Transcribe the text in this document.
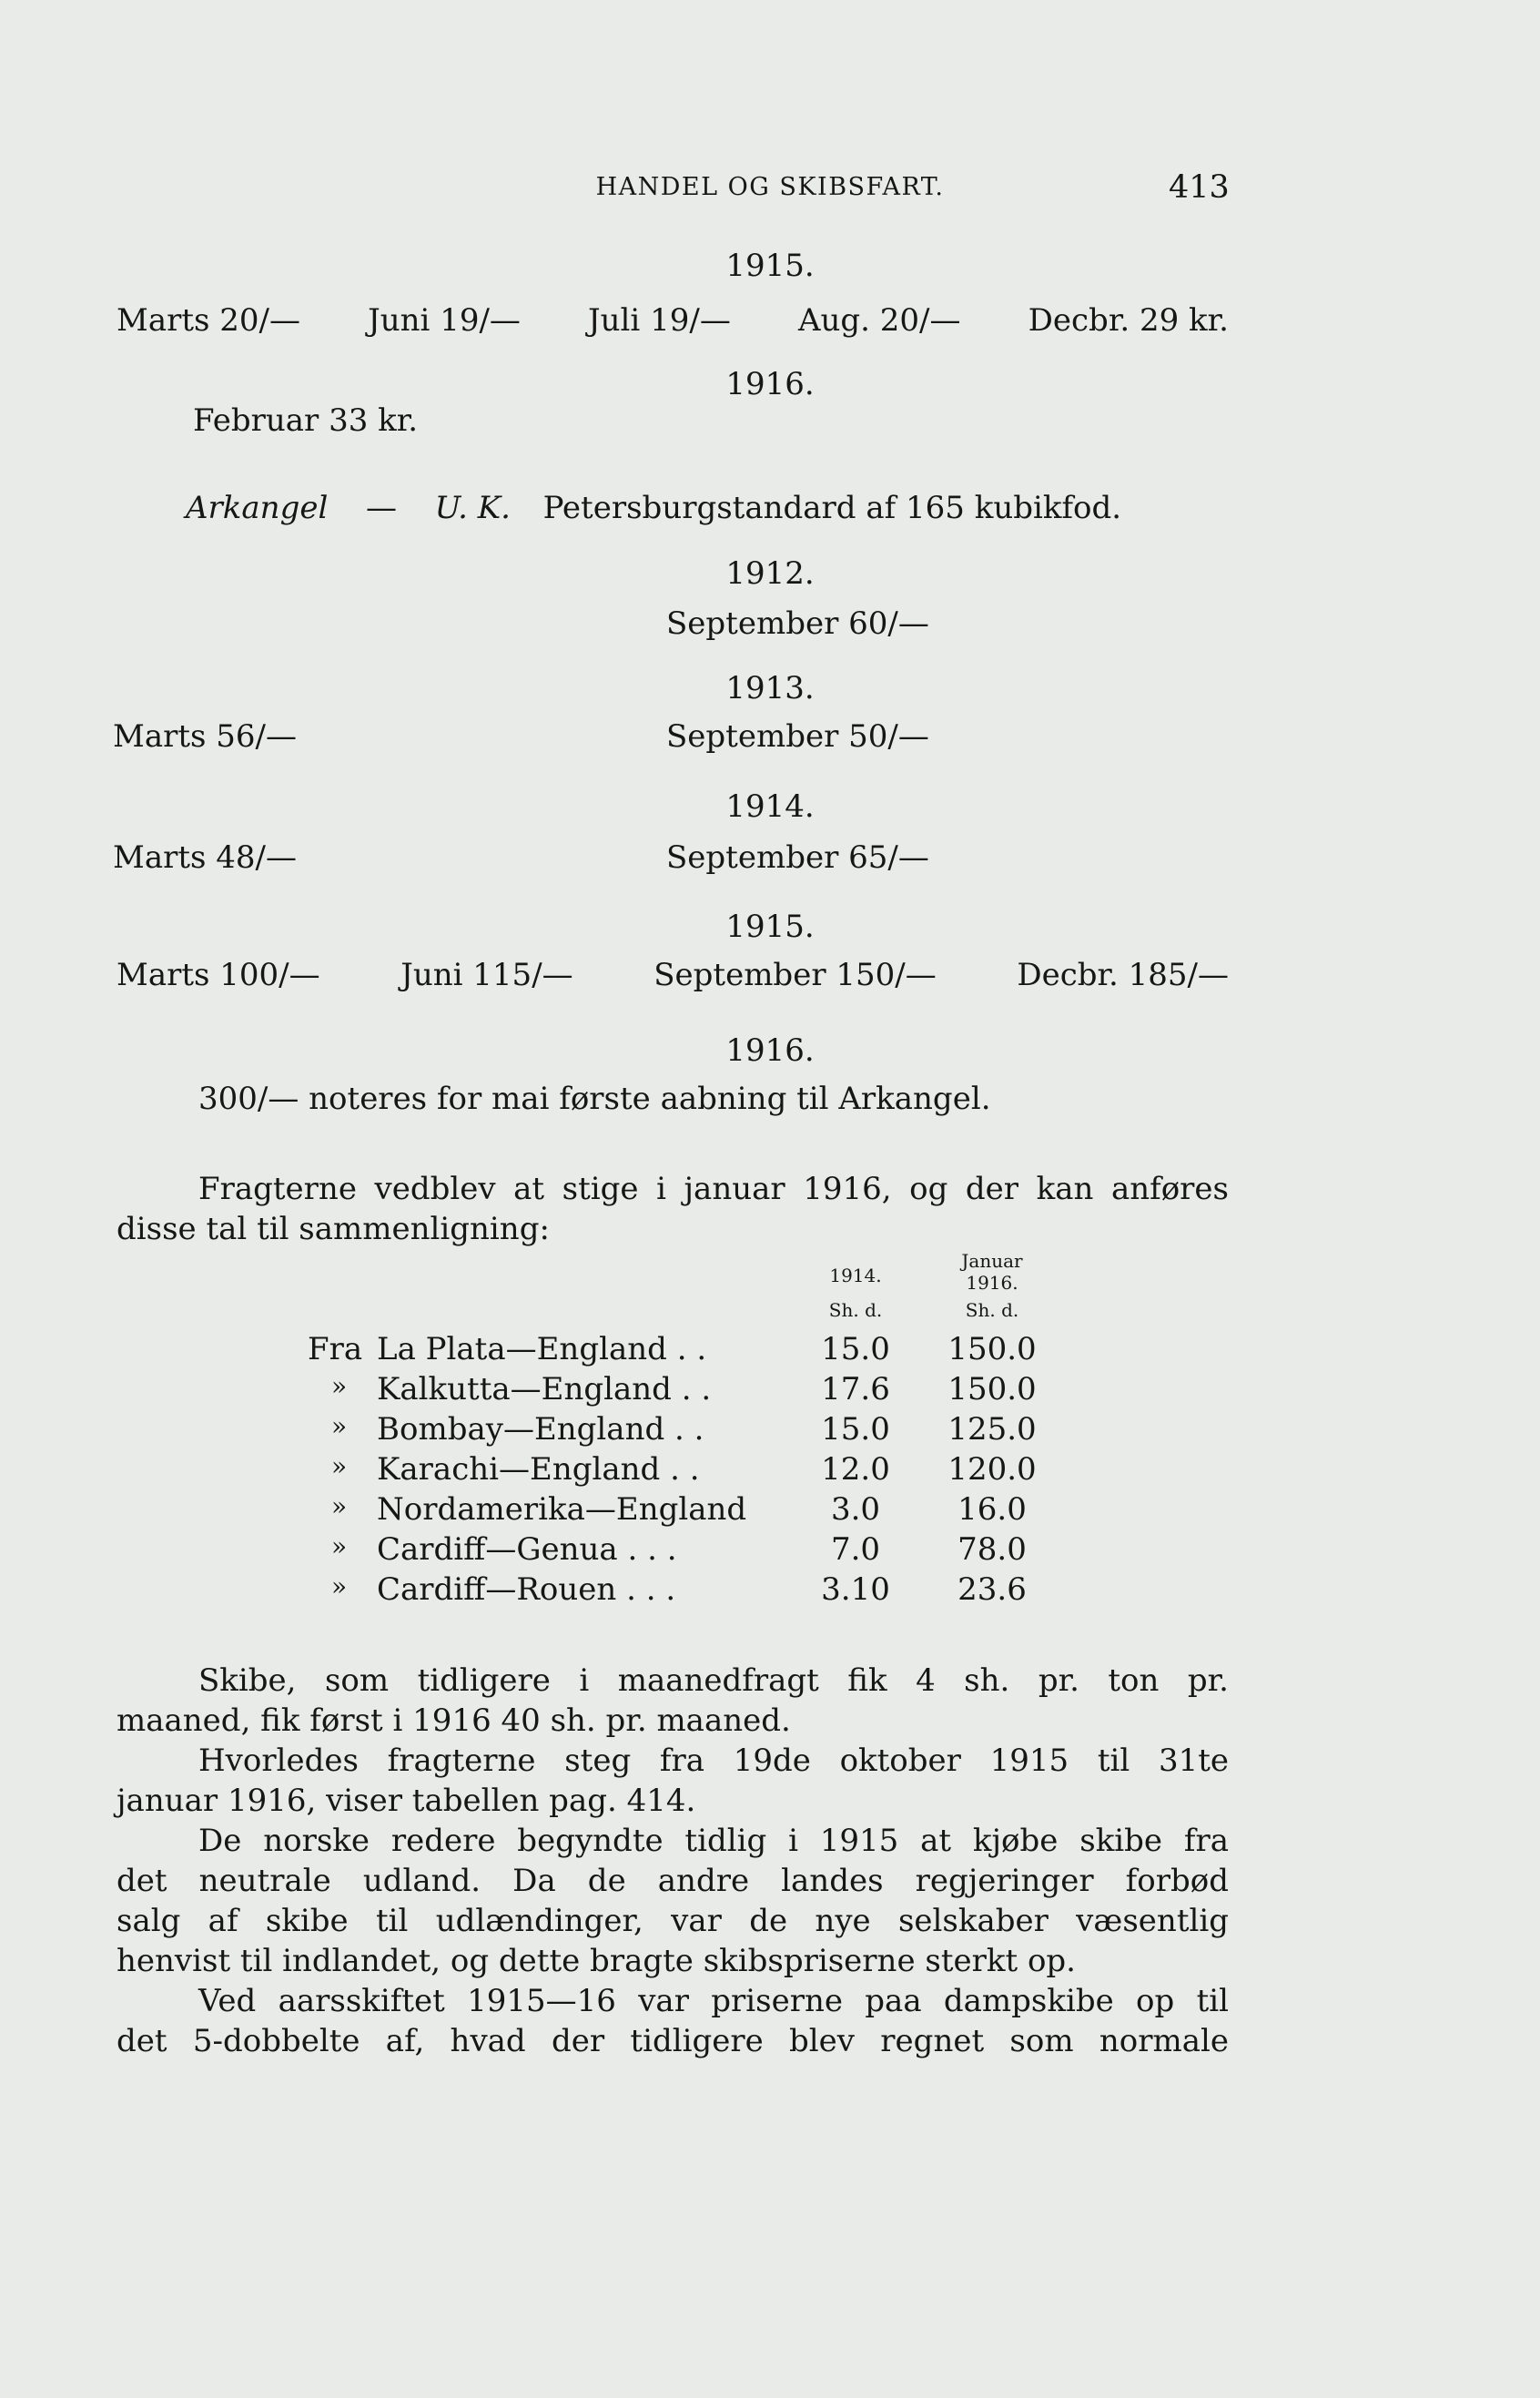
HANDEL OG SKIBSFART.	413
1915.
Marts 20/— Juni 19/— Juli 19/— Aug. 20/— Decbr. 29 kr.
1916.
Februar 33 kr.
Arkangel — U. K. Petersburgstandard af 165 kubikfod.
1912.
September 60/—
1913.
Marts 56/—	September 50/—
1914.
Marts 48/—	September 65/—
1915.
Marts 100/—	Juni 115/—	September 150/—	Decbr. 185/—
1916.
300/— noteres for mai første aabning til Arkangel.
Fragterne vedblev at stige i januar 1916, og der kan anføres
disse tal til sammenligning:
1914.
Januar
1916.
Sh. d.	Sh. d.
Fra La Plata—England . .	15.0	150.0
» Kalkutta—England . .	17.6	150.0
» Bombay—England . .	15.0	125.0
» Karachi—England . .	12.0	120.0
» Nordamerika—England	3.0	16.0
» Cardiff—Genua . . .	7.0	78.0
» Cardiff—Rouen . . .	3.10	23.6
Skibe, som tidligere i maanedfragt fik 4 sh. pr. ton pr.
maaned, fik først i 1916 40 sh. pr. maaned.
Hvorledes fragterne steg fra 19de oktober 1915 til 31te
januar 1916, viser tabellen pag. 414.
De norske redere begyndte tidlig i 1915 at kjøbe skibe fra
det neutrale udland. Da de andre landes regjeringer forbød
salg af skibe til udlændinger, var de nye selskaber væsentlig
henvist til indlandet, og dette bragte skibspriserne sterkt op.
Ved aarsskiftet 1915—16 var priserne paa dampskibe op til
det 5-dobbelte af, hvad der tidligere blev regnet som normale
